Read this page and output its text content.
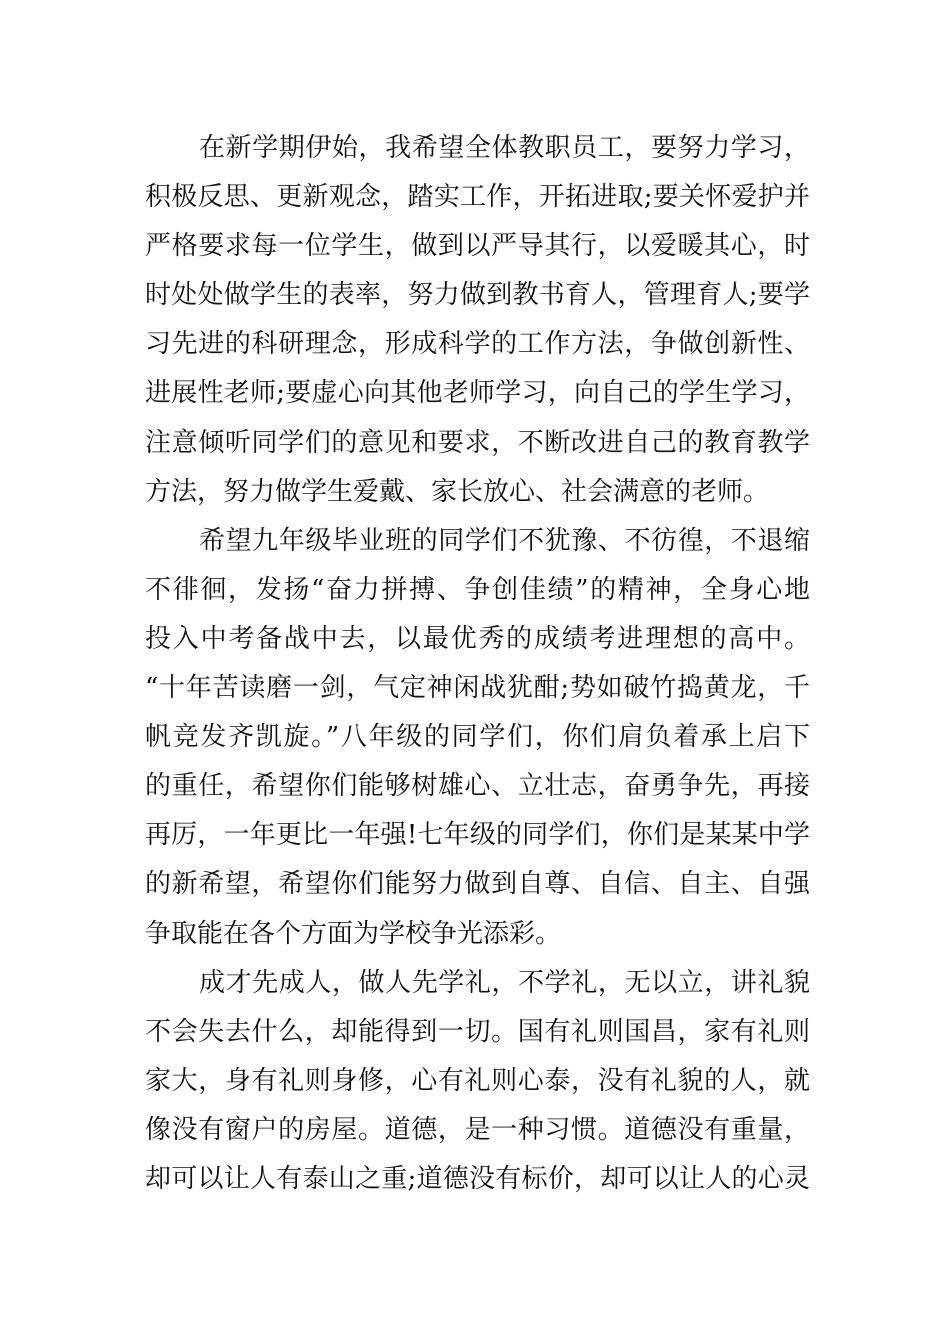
在新学期伊始，我希望全体教职员工，要努力学习，
积极反思、更新观念，踏实工作，开拓进取;要关怀爱护并
严格要求每一位学生，做到以严导其行，以爱暖其心，时
时处处做学生的表率，努力做到教书育人，管理育人;要学
习先进的科研理念，形成科学的工作方法，争做创新性、
进展性老师;要虚心向其他老师学习，向自己的学生学习，
注意倾听同学们的意见和要求，不断改进自己的教育教学
方法，努力做学生爱戴、家长放心、社会满意的老师。
希望九年级毕业班的同学们不犹豫、不彷徨，不退缩
不徘徊，发扬“奋力拼搏、争创佳绩”的精神，全身心地
投入中考备战中去，以最优秀的成绩考进理想的高中。
“十年苦读磨一剑，气定神闲战犹酣;势如破竹捣黄龙，千
帆竞发齐凯旋。”八年级的同学们，你们肩负着承上启下
的重任，希望你们能够树雄心、立壮志，奋勇争先，再接
再厉，一年更比一年强!七年级的同学们，你们是某某中学
的新希望，希望你们能努力做到自尊、自信、自主、自强
争取能在各个方面为学校争光添彩。
成才先成人，做人先学礼，不学礼，无以立，讲礼貌
不会失去什么，却能得到一切。国有礼则国昌，家有礼则
家大，身有礼则身修，心有礼则心泰，没有礼貌的人，就
像没有窗户的房屋。道德，是一种习惯。道德没有重量，
却可以让人有泰山之重;道德没有标价，却可以让人的心灵
